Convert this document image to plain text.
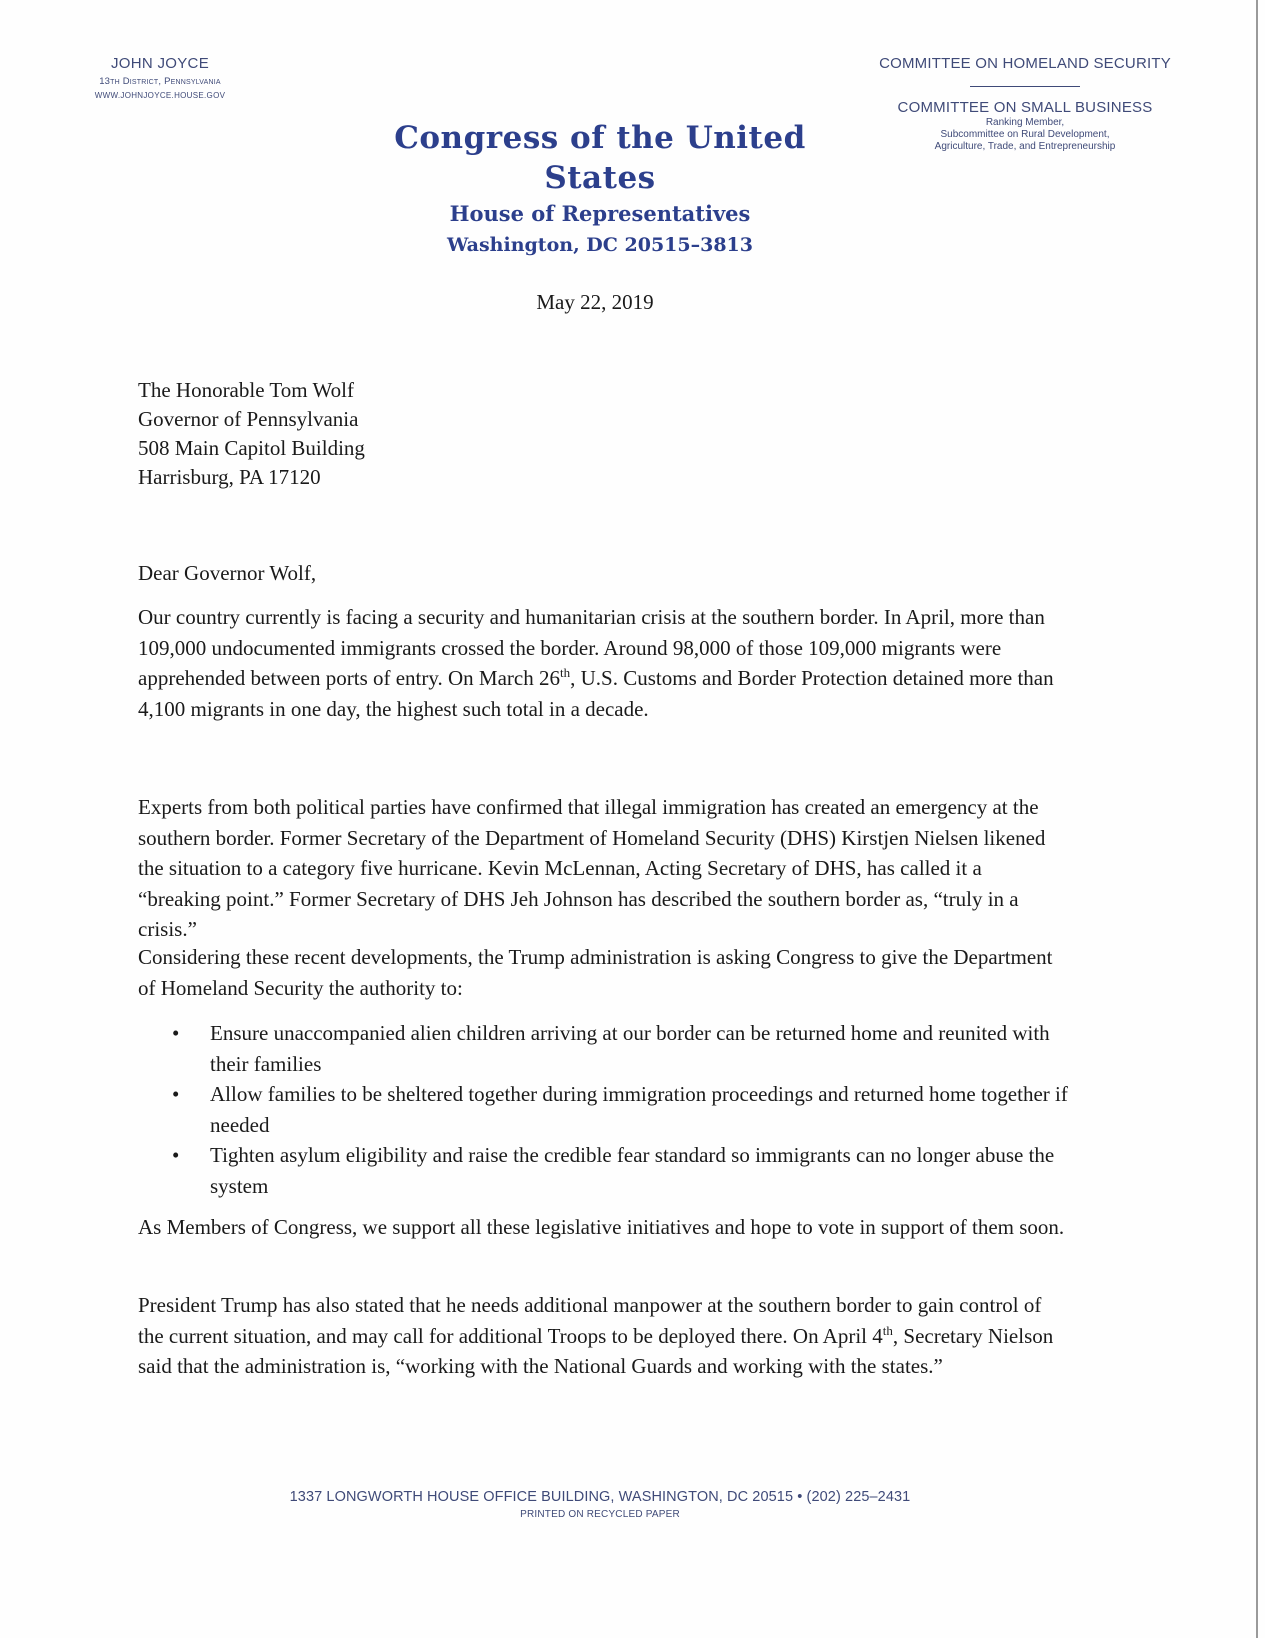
JOHN JOYCE
13th District, Pennsylvania
WWW.JOHNJOYCE.HOUSE.GOV
COMMITTEE ON HOMELAND SECURITY
COMMITTEE ON SMALL BUSINESS
Ranking Member,
Subcommittee on Rural Development,
Agriculture, Trade, and Entrepreneurship
Congress of the United States
House of Representatives
Washington, DC 20515–3813
May 22, 2019
The Honorable Tom Wolf
Governor of Pennsylvania
508 Main Capitol Building
Harrisburg, PA 17120
Dear Governor Wolf,
Our country currently is facing a security and humanitarian crisis at the southern border. In April, more than 109,000 undocumented immigrants crossed the border. Around 98,000 of those 109,000 migrants were apprehended between ports of entry. On March 26th, U.S. Customs and Border Protection detained more than 4,100 migrants in one day, the highest such total in a decade.
Experts from both political parties have confirmed that illegal immigration has created an emergency at the southern border. Former Secretary of the Department of Homeland Security (DHS) Kirstjen Nielsen likened the situation to a category five hurricane. Kevin McLennan, Acting Secretary of DHS, has called it a “breaking point.” Former Secretary of DHS Jeh Johnson has described the southern border as, “truly in a crisis.”
Considering these recent developments, the Trump administration is asking Congress to give the Department of Homeland Security the authority to:
• Ensure unaccompanied alien children arriving at our border can be returned home and reunited with their families
• Allow families to be sheltered together during immigration proceedings and returned home together if needed
• Tighten asylum eligibility and raise the credible fear standard so immigrants can no longer abuse the system
As Members of Congress, we support all these legislative initiatives and hope to vote in support of them soon.
President Trump has also stated that he needs additional manpower at the southern border to gain control of the current situation, and may call for additional Troops to be deployed there. On April 4th, Secretary Nielson said that the administration is, “working with the National Guards and working with the states.”
1337 LONGWORTH HOUSE OFFICE BUILDING, WASHINGTON, DC 20515 • (202) 225–2431
PRINTED ON RECYCLED PAPER
